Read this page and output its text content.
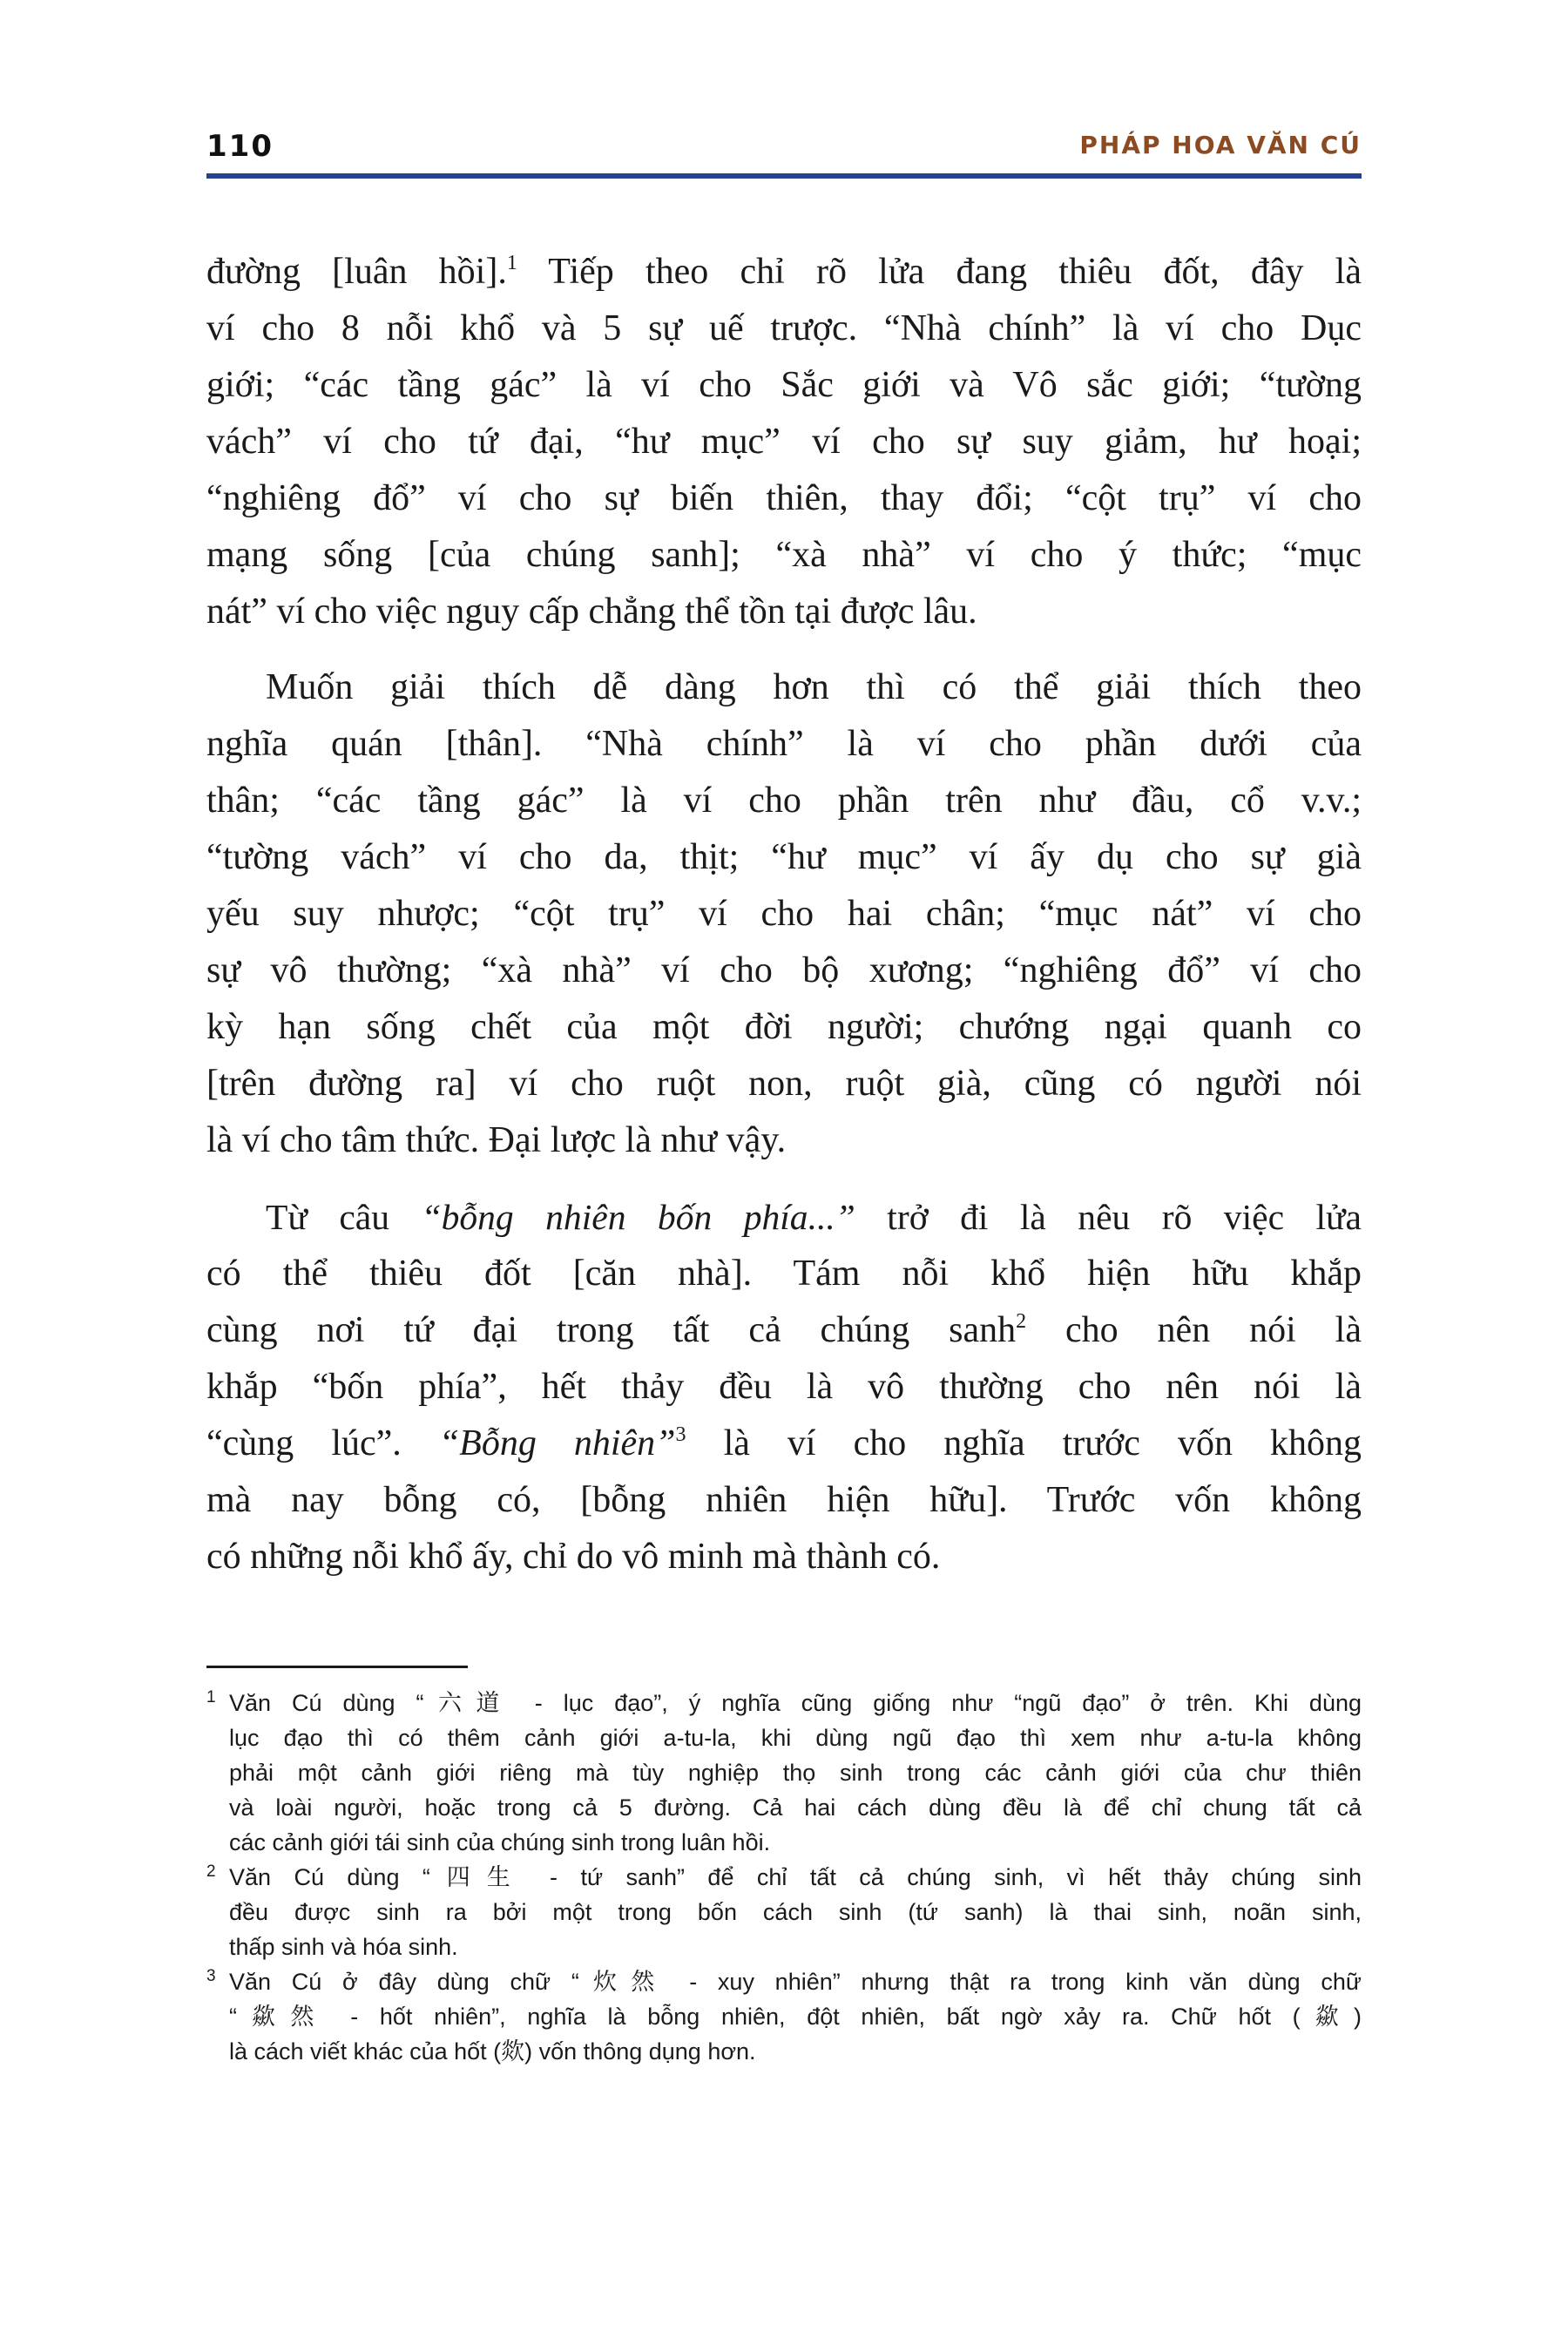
110	PHÁP HOA VĂN CÚ
đường [luân hồi].$^1$ Tiếp theo chỉ rõ lửa đang thiêu đốt, đây là
ví cho 8 nỗi khổ và 5 sự uế trược. “Nhà chính” là ví cho Dục
giới; “các tầng gác” là ví cho Sắc giới và Vô sắc giới; “tường
vách” ví cho tứ đại, “hư mục” ví cho sự suy giảm, hư hoại;
“nghiêng đổ” ví cho sự biến thiên, thay đổi; “cột trụ” ví cho
mạng sống [của chúng sanh]; “xà nhà” ví cho ý thức; “mục
nát” ví cho việc nguy cấp chẳng thể tồn tại được lâu.
Muốn giải thích dễ dàng hơn thì có thể giải thích theo
nghĩa quán [thân]. “Nhà chính” là ví cho phần dưới của
thân; “các tầng gác” là ví cho phần trên như đầu, cổ v.v.;
“tường vách” ví cho da, thịt; “hư mục” ví ấy dụ cho sự già
yếu suy nhược; “cột trụ” ví cho hai chân; “mục nát” ví cho
sự vô thường; “xà nhà” ví cho bộ xương; “nghiêng đổ” ví cho
kỳ hạn sống chết của một đời người; chướng ngại quanh co
[trên đường ra] ví cho ruột non, ruột già, cũng có người nói
là ví cho tâm thức. Đại lược là như vậy.
Từ câu “bỗng nhiên bốn phía...” trở đi là nêu rõ việc lửa
có thể thiêu đốt [căn nhà]. Tám nỗi khổ hiện hữu khắp
cùng nơi tứ đại trong tất cả chúng sanh$^2$ cho nên nói là
khắp “bốn phía”, hết thảy đều là vô thường cho nên nói là
“cùng lúc”. “Bỗng nhiên”$^3$ là ví cho nghĩa trước vốn không
mà nay bỗng có, [bỗng nhiên hiện hữu]. Trước vốn không
có những nỗi khổ ấy, chỉ do vô minh mà thành có.
1 Văn Cú dùng “六道 - lục đạo”, ý nghĩa cũng giống như “ngũ đạo” ở trên. Khi dùng
lục đạo thì có thêm cảnh giới a-tu-la, khi dùng ngũ đạo thì xem như a-tu-la không
phải một cảnh giới riêng mà tùy nghiệp thọ sinh trong các cảnh giới của chư thiên
và loài người, hoặc trong cả 5 đường. Cả hai cách dùng đều là để chỉ chung tất cả
các cảnh giới tái sinh của chúng sinh trong luân hồi.
2 Văn Cú dùng “四生 - tứ sanh” để chỉ tất cả chúng sinh, vì hết thảy chúng sinh
đều được sinh ra bởi một trong bốn cách sinh (tứ sanh) là thai sinh, noãn sinh,
thấp sinh và hóa sinh.
3 Văn Cú ở đây dùng chữ “炊然 - xuy nhiên” nhưng thật ra trong kinh văn dùng chữ
“歘然 - hốt nhiên”, nghĩa là bỗng nhiên, đột nhiên, bất ngờ xảy ra. Chữ hốt (歘)
là cách viết khác của hốt (欻) vốn thông dụng hơn.
